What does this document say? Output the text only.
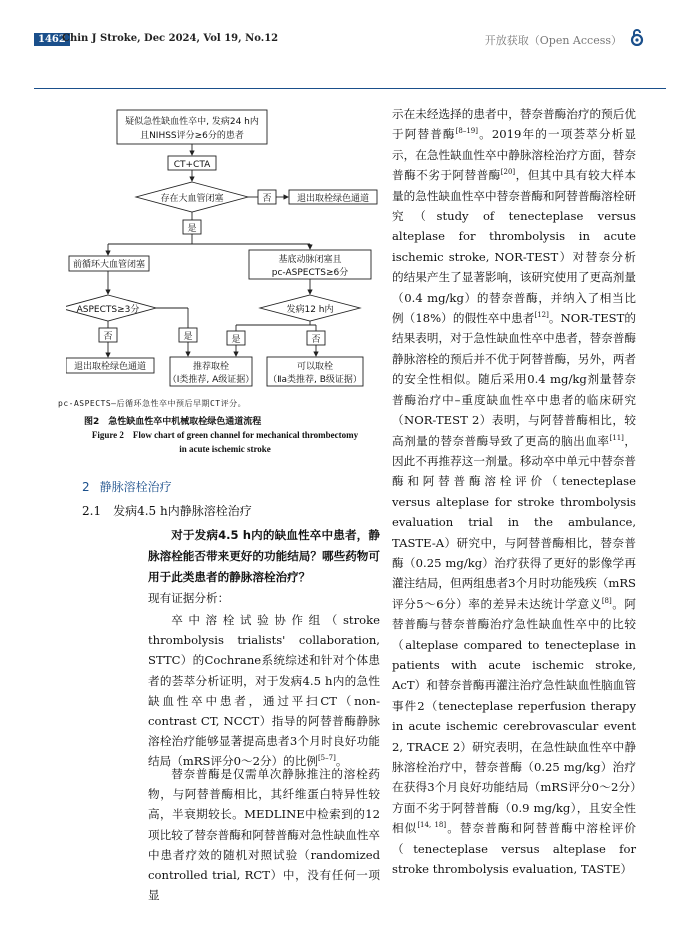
1462
Chin J Stroke, Dec 2024, Vol 19, No.12	开放获取（Open Access）
疑似急性缺血性卒中, 发病24 h内
且NIHSS评分≥6分的患者
CT+CTA
存在大血管闭塞	否	退出取栓绿色通道
是
前循环大血管闭塞	基底动脉闭塞且
pc-ASPECTS≥6分
ASPECTS≥3分	发病12 h内
否	是	是	否
退出取栓绿色通道	推荐取栓
（Ⅰ类推荐, A级证据）
可以取栓
（Ⅱa类推荐, B级证据）
pc-ASPECTS—后循环急性卒中预后早期CT评分。
图2　急性缺血性卒中机械取栓绿色通道流程
Figure 2　Flow chart of green channel for mechanical thrombectomy
in acute ischemic stroke
2 静脉溶栓治疗
2.1　发病4.5 h内静脉溶栓治疗
对于发病4.5 h内的缺血性卒中患者，静脉溶栓能否带来更好的功能结局？哪些药物可用于此类患者的静脉溶栓治疗？
现有证据分析：

卒中溶栓试验协作组（stroke thrombolysis trialists' collaboration, STTC）的Cochrane系统综述和针对个体患者的荟萃分析证明，对于发病4.5 h内的急性缺血性卒中患者，通过平扫CT（non-contrast CT, NCCT）指导的阿替普酶静脉溶栓治疗能够显著提高患者3个月时良好功能结局（mRS评分0～2分）的比例[5–7]。

替奈普酶是仅需单次静脉推注的溶栓药物，与阿替普酶相比，其纤维蛋白特异性较高，半衰期较长。MEDLINE中检索到的12项比较了替奈普酶和阿替普酶对急性缺血性卒中患者疗效的随机对照试验（randomized controlled trial, RCT）中，没有任何一项显

示在未经选择的患者中，替奈普酶治疗的预后优于阿替普酶[8–19]。2019年的一项荟萃分析显示，在急性缺血性卒中静脉溶栓治疗方面，替奈普酶不劣于阿替普酶[20]，但其中具有较大样本量的急性缺血性卒中替奈普酶和阿替普酶溶栓研究（study of tenecteplase versus alteplase for thrombolysis in acute ischemic stroke, NOR-TEST）对替奈分析的结果产生了显著影响，该研究使用了更高剂量（0.4 mg/kg）的替奈普酶，并纳入了相当比例（18%）的假性卒中患者[12]。NOR-TEST的结果表明，对于急性缺血性卒中患者，替奈普酶静脉溶栓的预后并不优于阿替普酶，另外，两者的安全性相似。随后采用0.4 mg/kg剂量替奈普酶治疗中–重度缺血性卒中患者的临床研究（NOR-TEST 2）表明，与阿替普酶相比，较高剂量的替奈普酶导致了更高的脑出血率[11]，因此不再推荐这一剂量。移动卒中单元中替奈普酶和阿替普酶溶栓评价（tenecteplase versus alteplase for stroke thrombolysis evaluation trial in the ambulance, TASTE-A）研究中，与阿替普酶相比，替奈普酶（0.25 mg/kg）治疗获得了更好的影像学再灌注结局，但两组患者3个月时功能残疾（mRS评分5～6分）率的差异未达统计学意义[8]。阿替普酶与替奈普酶治疗急性缺血性卒中的比较（alteplase compared to tenecteplase in patients with acute ischemic stroke, AcT）和替奈普酶再灌注治疗急性缺血性脑血管事件2（tenecteplase reperfusion therapy in acute ischemic cerebrovascular event 2, TRACE 2）研究表明，在急性缺血性卒中静脉溶栓治疗中，替奈普酶（0.25 mg/kg）治疗在获得3个月良好功能结局（mRS评分0～2分）方面不劣于阿替普酶（0.9 mg/kg），且安全性相似[14, 18]。替奈普酶和阿替普酶中溶栓评价（tenecteplase versus alteplase for stroke thrombolysis evaluation, TASTE）
